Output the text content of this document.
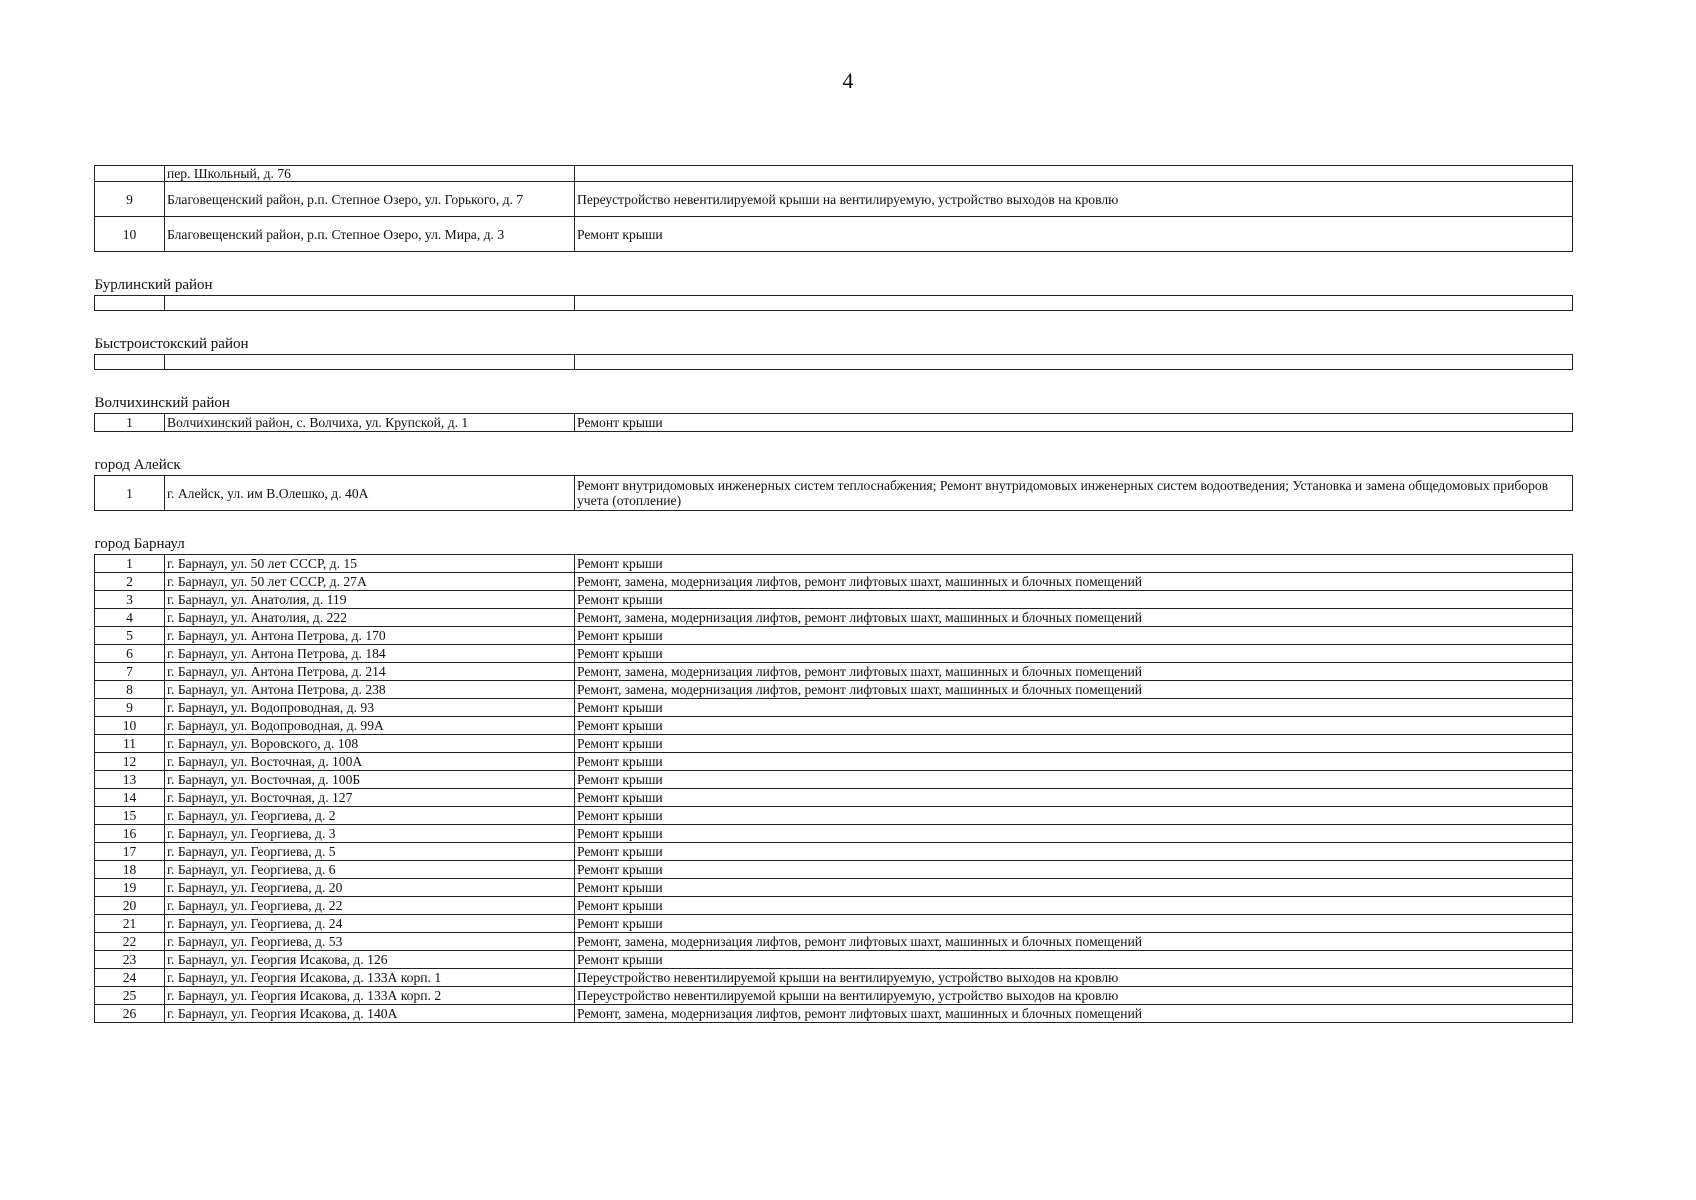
4
	пер. Школьный, д. 76	
9	Благовещенский район, р.п. Степное Озеро, ул. Горького, д. 7	Переустройство невентилируемой крыши на вентилируемую, устройство выходов на кровлю
10	Благовещенский район, р.п. Степное Озеро, ул. Мира, д. 3	Ремонт крыши
Бурлинский район		

Быстроистокский район		

Волчихинский район		
1	Волчихинский район, с. Волчиха, ул. Крупской, д. 1	Ремонт крыши
город Алейск		
1	г. Алейск, ул. им В.Олешко, д. 40А	Ремонт внутридомовых инженерных систем теплоснабжения; Ремонт внутридомовых инженерных систем водоотведения; Установка и замена общедомовых приборов учета (отопление)
город Барнаул		
1	г. Барнаул, ул. 50 лет СССР, д. 15	Ремонт крыши
2	г. Барнаул, ул. 50 лет СССР, д. 27А	Ремонт, замена, модернизация лифтов, ремонт лифтовых шахт, машинных и блочных помещений
3	г. Барнаул, ул. Анатолия, д. 119	Ремонт крыши
4	г. Барнаул, ул. Анатолия, д. 222	Ремонт, замена, модернизация лифтов, ремонт лифтовых шахт, машинных и блочных помещений
5	г. Барнаул, ул. Антона Петрова, д. 170	Ремонт крыши
6	г. Барнаул, ул. Антона Петрова, д. 184	Ремонт крыши
7	г. Барнаул, ул. Антона Петрова, д. 214	Ремонт, замена, модернизация лифтов, ремонт лифтовых шахт, машинных и блочных помещений
8	г. Барнаул, ул. Антона Петрова, д. 238	Ремонт, замена, модернизация лифтов, ремонт лифтовых шахт, машинных и блочных помещений
9	г. Барнаул, ул. Водопроводная, д. 93	Ремонт крыши
10	г. Барнаул, ул. Водопроводная, д. 99А	Ремонт крыши
11	г. Барнаул, ул. Воровского, д. 108	Ремонт крыши
12	г. Барнаул, ул. Восточная, д. 100А	Ремонт крыши
13	г. Барнаул, ул. Восточная, д. 100Б	Ремонт крыши
14	г. Барнаул, ул. Восточная, д. 127	Ремонт крыши
15	г. Барнаул, ул. Георгиева, д. 2	Ремонт крыши
16	г. Барнаул, ул. Георгиева, д. 3	Ремонт крыши
17	г. Барнаул, ул. Георгиева, д. 5	Ремонт крыши
18	г. Барнаул, ул. Георгиева, д. 6	Ремонт крыши
19	г. Барнаул, ул. Георгиева, д. 20	Ремонт крыши
20	г. Барнаул, ул. Георгиева, д. 22	Ремонт крыши
21	г. Барнаул, ул. Георгиева, д. 24	Ремонт крыши
22	г. Барнаул, ул. Георгиева, д. 53	Ремонт, замена, модернизация лифтов, ремонт лифтовых шахт, машинных и блочных помещений
23	г. Барнаул, ул. Георгия Исакова, д. 126	Ремонт крыши
24	г. Барнаул, ул. Георгия Исакова, д. 133А корп. 1	Переустройство невентилируемой крыши на вентилируемую, устройство выходов на кровлю
25	г. Барнаул, ул. Георгия Исакова, д. 133А корп. 2	Переустройство невентилируемой крыши на вентилируемую, устройство выходов на кровлю
26	г. Барнаул, ул. Георгия Исакова, д. 140А	Ремонт, замена, модернизация лифтов, ремонт лифтовых шахт, машинных и блочных помещений
